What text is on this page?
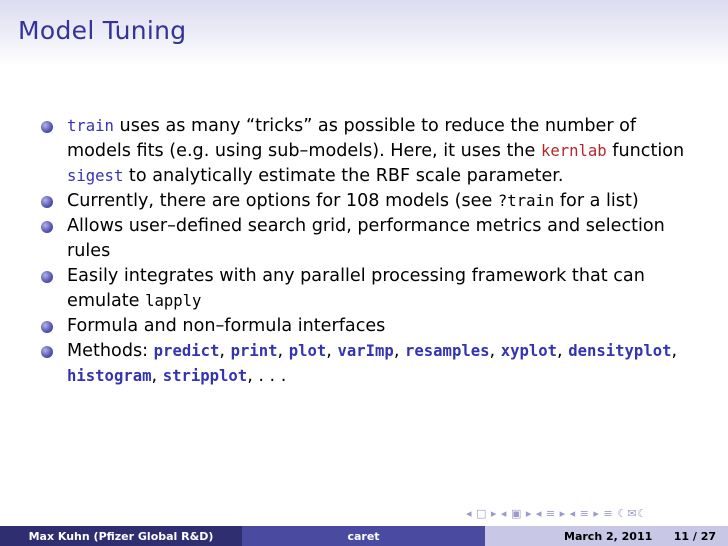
Model Tuning
train uses as many “tricks” as possible to reduce the number of models fits (e.g. using sub–models). Here, it uses the kernlab function sigest to analytically estimate the RBF scale parameter.
Currently, there are options for 108 models (see ?train for a list)
Allows user–defined search grid, performance metrics and selection rules
Easily integrates with any parallel processing framework that can emulate lapply
Formula and non–formula interfaces
Methods: predict, print, plot, varImp, resamples, xyplot, densityplot, histogram, stripplot, . . .
◂ □ ▸ ◂ ▣ ▸ ◂ ≡ ▸ ◂ ≡ ▸ ≡ ☾✉☾
Max Kuhn (Pfizer Global R&D)	caret	March 2, 2011 11 / 27
